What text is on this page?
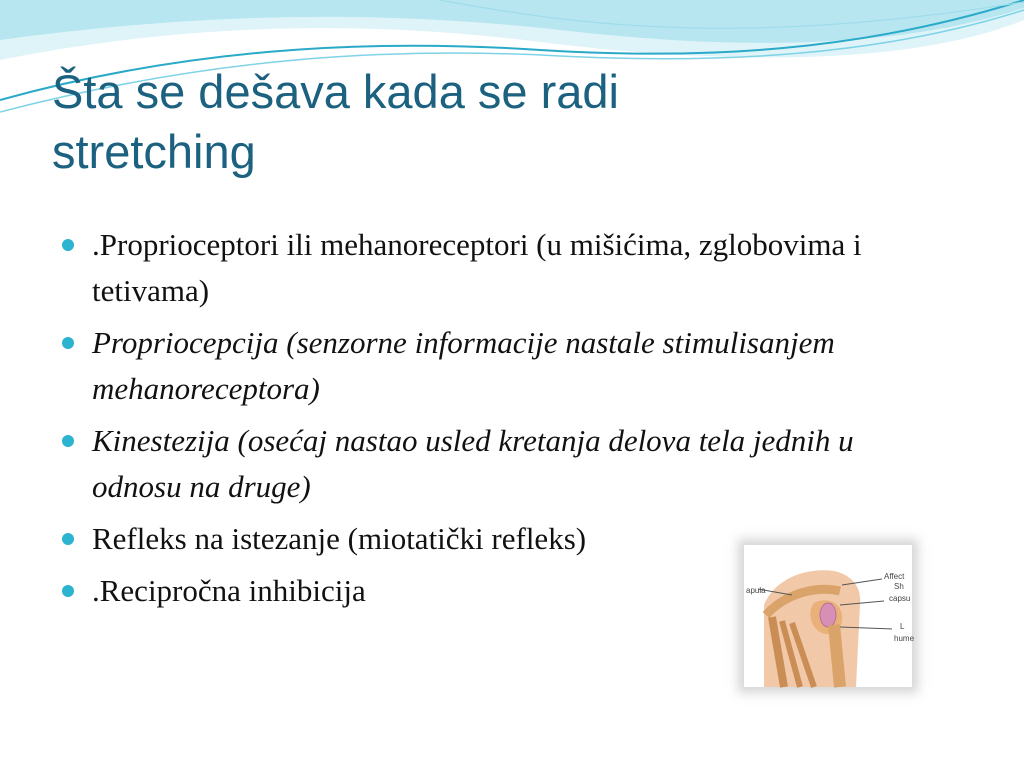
Šta se dešava kada se radi
stretching
.Proprioceptori ili mehanoreceptori (u mišićima, zglobovima i tetivama)
Propriocepcija (senzorne informacije nastale stimulisanjem mehanoreceptora)
Kinestezija (osećaj nastao usled kretanja delova tela jednih u odnosu na druge)
Refleks na istezanje (miotatički refleks)
.Recipročna inhibicija	apula
Affect
Sh
capsu
L
hume
